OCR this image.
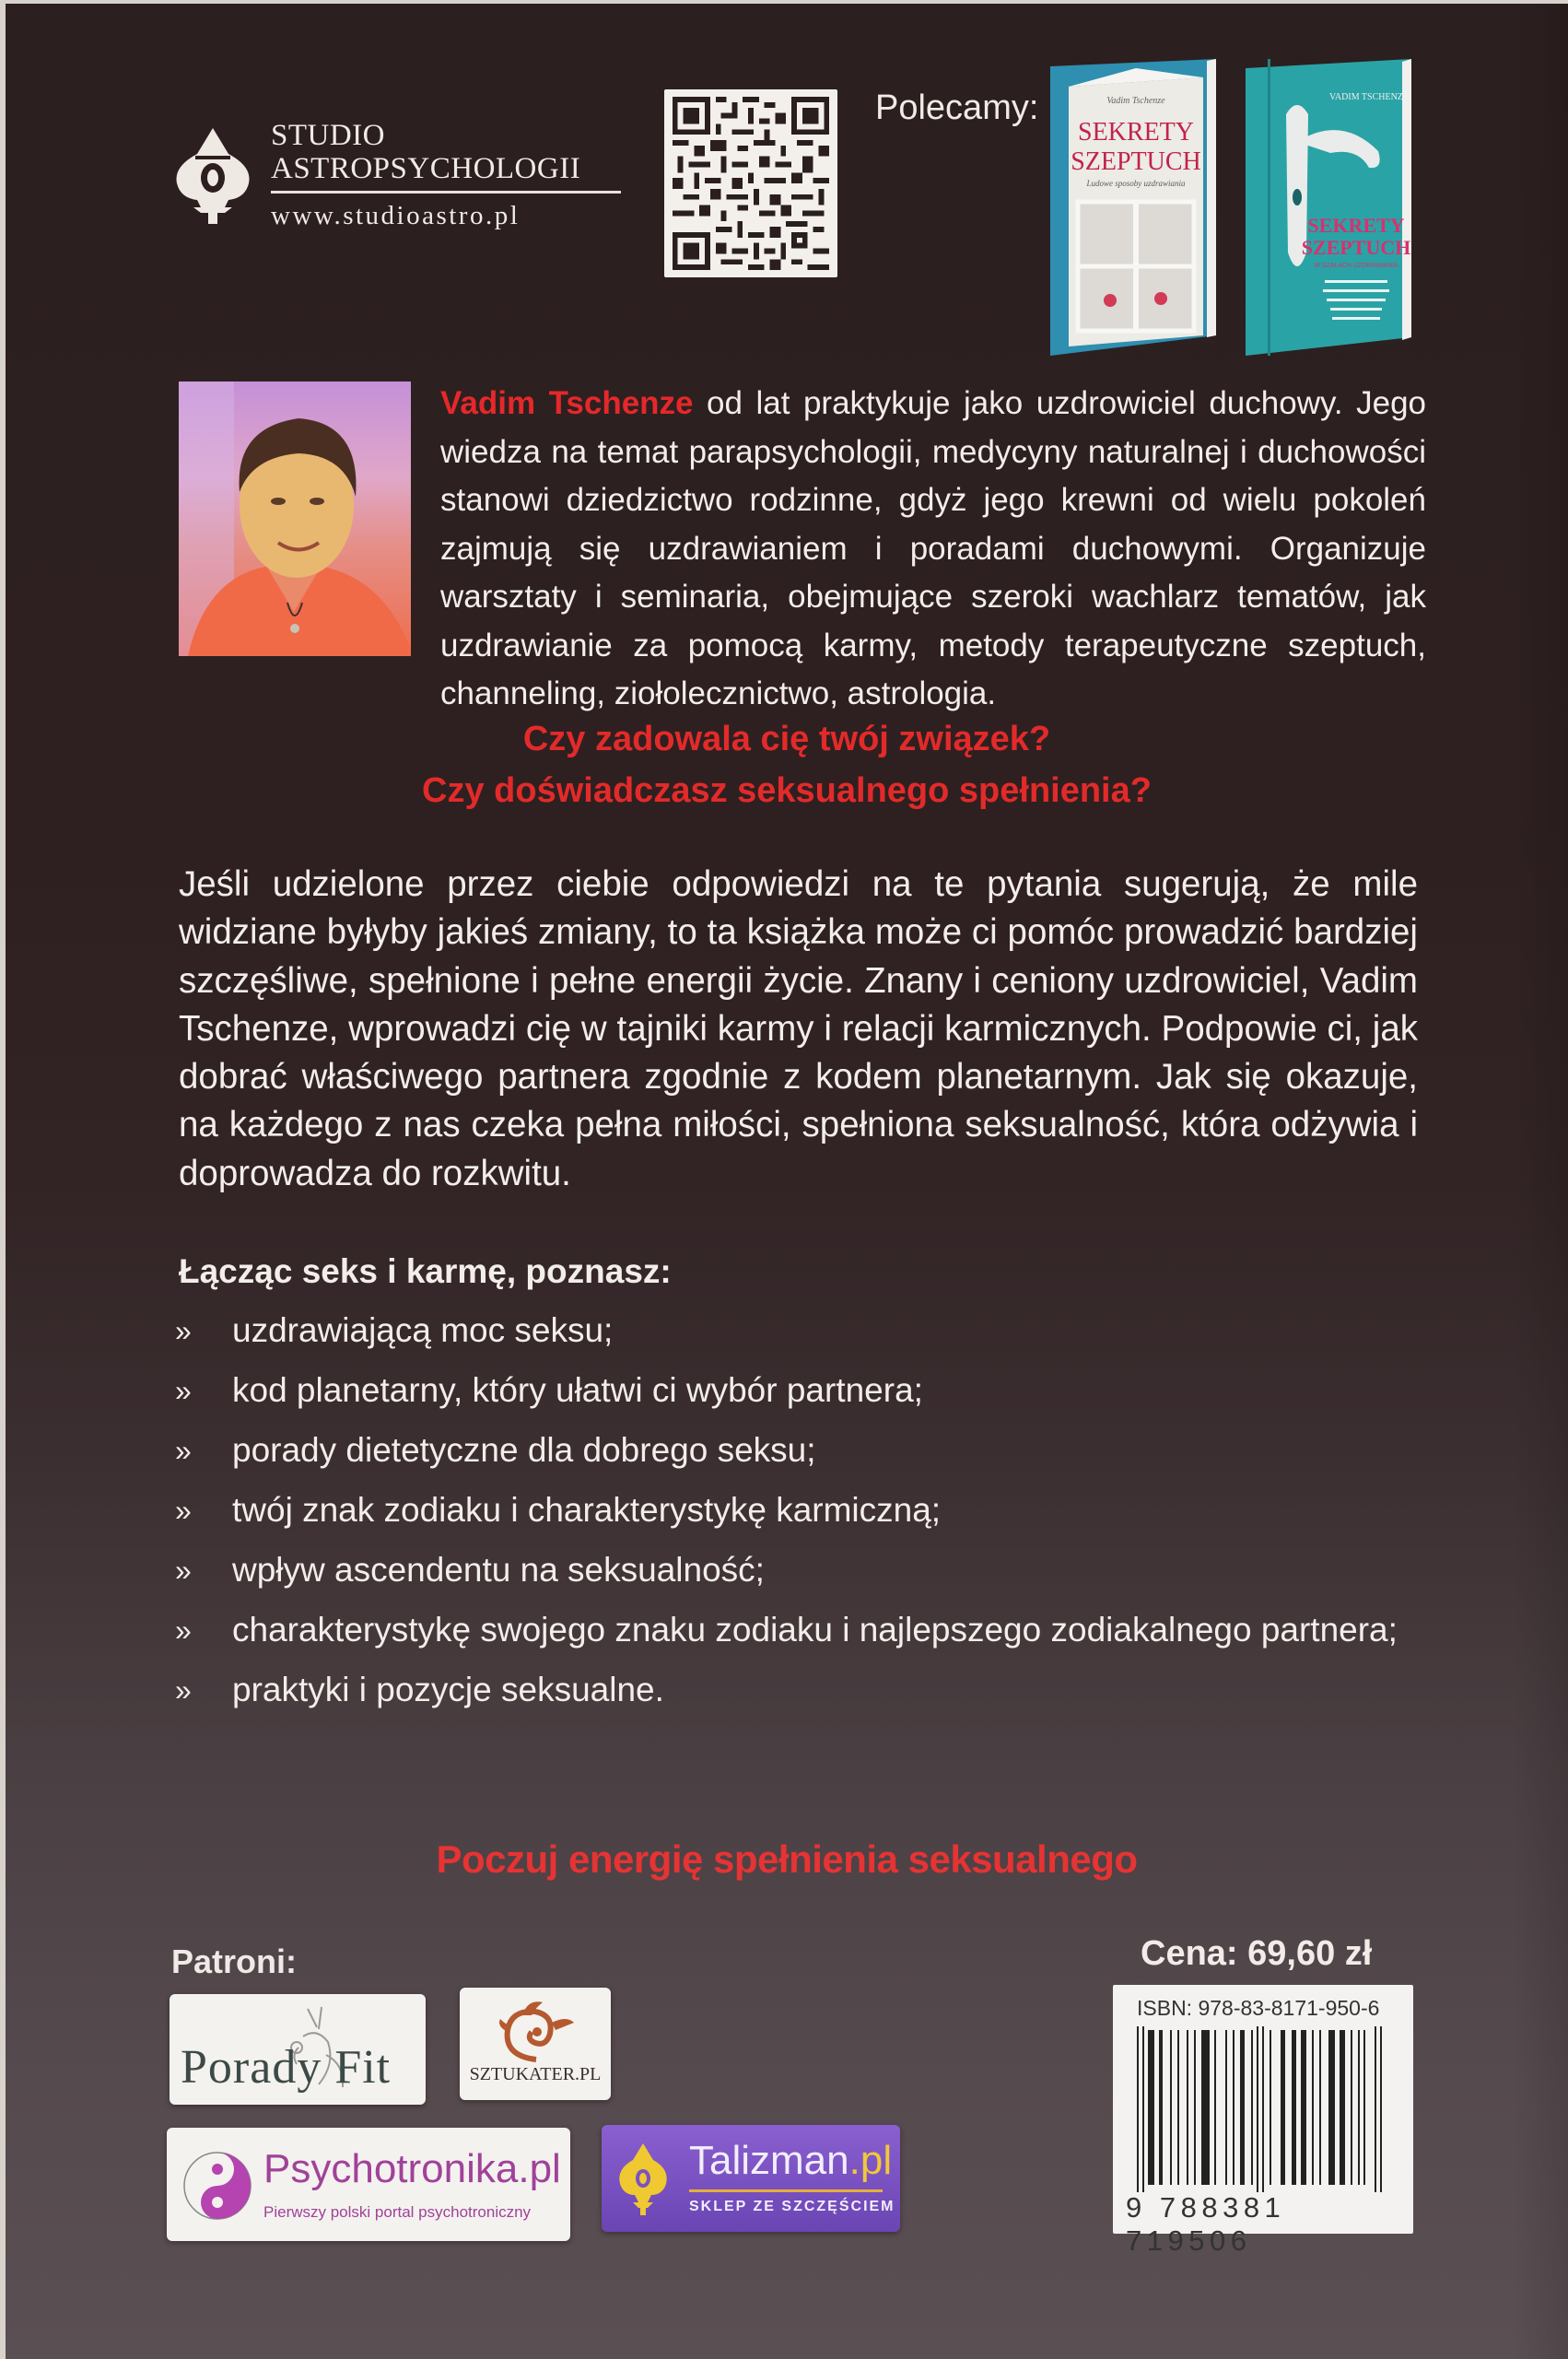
STUDIO
ASTROPSYCHOLOGII
www.studioastro.pl
Polecamy:	Vadim Tschenze
SEKRETY
SZEPTUCH
Ludowe sposoby uzdrawiania
VADIM TSCHENZE
SEKRETY
SZEPTUCH
W SZAŁACH UZDRAWIANIA
Vadim Tschenze od lat praktykuje jako uzdrowiciel duchowy. Jego wiedza na temat parapsychologii, medycyny naturalnej i duchowości stanowi dziedzictwo rodzinne, gdyż jego krewni od wielu pokoleń zajmują się uzdrawianiem i poradami duchowymi. Organizuje warsztaty i seminaria, obejmujące szeroki wachlarz tematów, jak uzdrawianie za pomocą karmy, metody terapeutyczne szeptuch, channeling, ziołolecznictwo, astrologia.
Czy zadowala cię twój związek?
Czy doświadczasz seksualnego spełnienia?
Jeśli udzielone przez ciebie odpowiedzi na te pytania sugerują, że mile widziane byłyby jakieś zmiany, to ta książka może ci pomóc prowadzić bardziej szczęśliwe, spełnione i pełne energii życie. Znany i ceniony uzdrowiciel, Vadim Tschenze, wprowadzi cię w tajniki karmy i relacji karmicznych. Podpowie ci, jak dobrać właściwego partnera zgodnie z kodem planetarnym. Jak się okazuje, na każdego z nas czeka pełna miłości, spełniona seksualność, która odżywia i doprowadza do rozkwitu.
Łącząc seks i karmę, poznasz:
»	uzdrawiającą moc seksu;
»	kod planetarny, który ułatwi ci wybór partnera;
»	porady dietetyczne dla dobrego seksu;
»	twój znak zodiaku i charakterystykę karmiczną;
»	wpływ ascendentu na seksualność;
»	charakterystykę swojego znaku zodiaku i najlepszego zodiakalnego partnera;
»	praktyki i pozycje seksualne.
Poczuj energię spełnienia seksualnego
Patroni:
Porady Fit	SZTUKATER.PL
Psychotronika.pl
Pierwszy polski portal psychotroniczny
Talizman.pl
SKLEP ZE SZCZĘŚCIEM
Cena: 69,60 zł
ISBN: 978-83-8171-950-6
9 788381 719506
